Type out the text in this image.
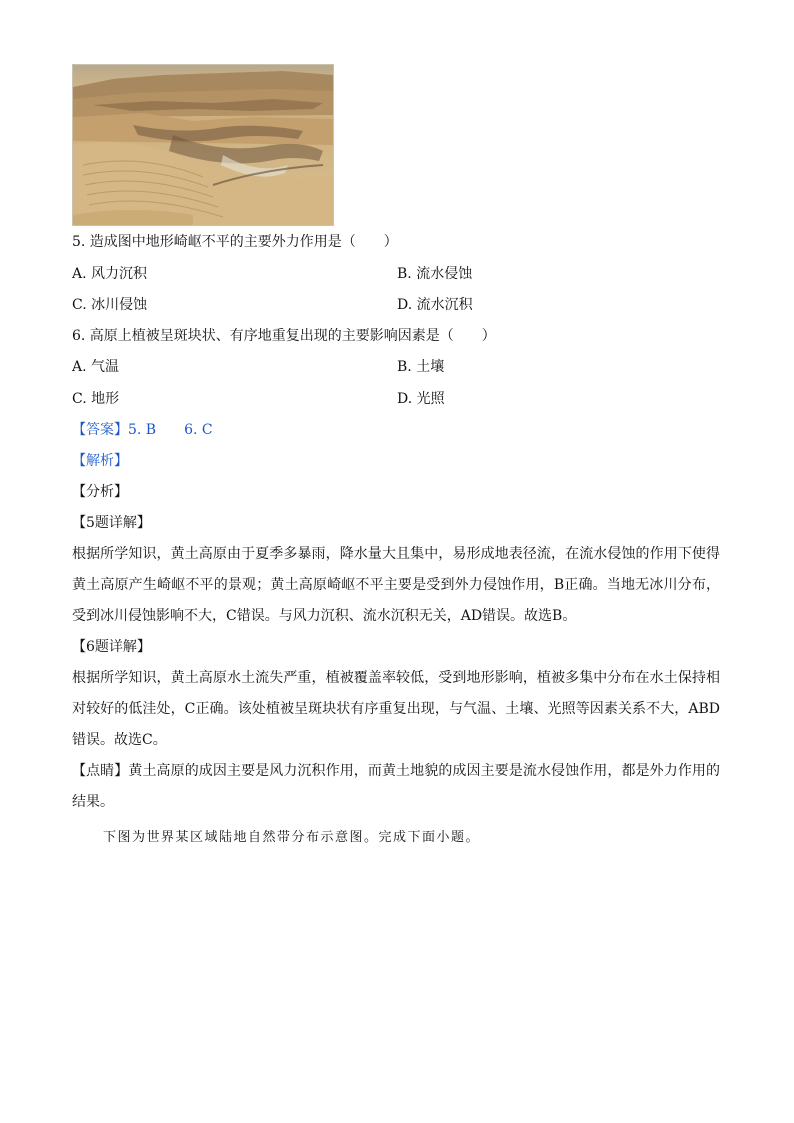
5. 造成图中地形崎岖不平的主要外力作用是（　　）
A. 风力沉积	B. 流水侵蚀
C. 冰川侵蚀	D. 流水沉积
6. 高原上植被呈斑块状、有序地重复出现的主要影响因素是（　　）
A. 气温	B. 土壤
C. 地形	D. 光照
【答案】5. B　　6. C
【解析】
【分析】
【5题详解】
根据所学知识，黄土高原由于夏季多暴雨，降水量大且集中，易形成地表径流，在流水侵蚀的作用下使得黄土高原产生崎岖不平的景观；黄土高原崎岖不平主要是受到外力侵蚀作用，B正确。当地无冰川分布，受到冰川侵蚀影响不大，C错误。与风力沉积、流水沉积无关，AD错误。故选B。
【6题详解】
根据所学知识，黄土高原水土流失严重，植被覆盖率较低，受到地形影响，植被多集中分布在水土保持相对较好的低洼处，C正确。该处植被呈斑块状有序重复出现，与气温、土壤、光照等因素关系不大，ABD错误。故选C。
【点睛】黄土高原的成因主要是风力沉积作用，而黄土地貌的成因主要是流水侵蚀作用，都是外力作用的结果。
下图为世界某区域陆地自然带分布示意图。完成下面小题。
